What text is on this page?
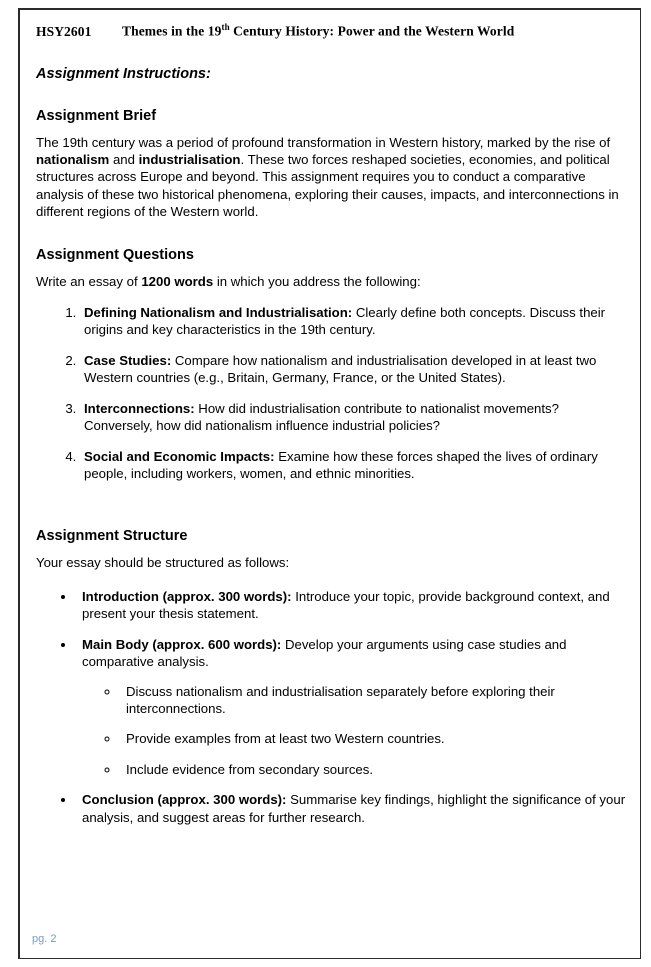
HSY2601 Themes in the 19th Century History: Power and the Western World
Assignment Instructions:
Assignment Brief

The 19th century was a period of profound transformation in Western history, marked by the rise of nationalism and industrialisation. These two forces reshaped societies, economies, and political structures across Europe and beyond. This assignment requires you to conduct a comparative analysis of these two historical phenomena, exploring their causes, impacts, and interconnections in different regions of the Western world.

Assignment Questions

Write an essay of 1200 words in which you address the following:

1. Defining Nationalism and Industrialisation: Clearly define both concepts. Discuss their origins and key characteristics in the 19th century.
2. Case Studies: Compare how nationalism and industrialisation developed in at least two Western countries (e.g., Britain, Germany, France, or the United States).
3. Interconnections: How did industrialisation contribute to nationalist movements? Conversely, how did nationalism influence industrial policies?
4. Social and Economic Impacts: Examine how these forces shaped the lives of ordinary people, including workers, women, and ethnic minorities.
Assignment Structure

Your essay should be structured as follows:

• Introduction (approx. 300 words): Introduce your topic, provide background context, and present your thesis statement.
• Main Body (approx. 600 words): Develop your arguments using case studies and comparative analysis.
◦ Discuss nationalism and industrialisation separately before exploring their interconnections.
◦ Provide examples from at least two Western countries.
◦ Include evidence from secondary sources.
• Conclusion (approx. 300 words): Summarise key findings, highlight the significance of your analysis, and suggest areas for further research.
pg. 2
